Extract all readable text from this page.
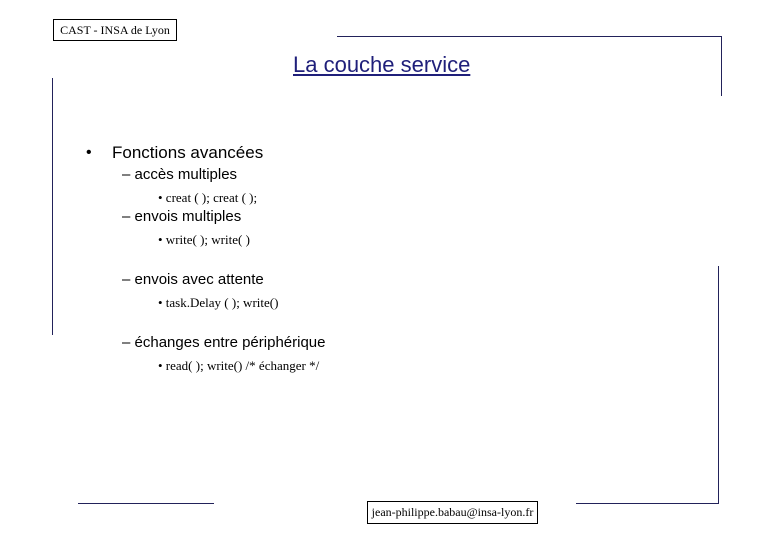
CAST - INSA de Lyon
La couche service
• Fonctions avancées
– accès multiples
• creat ( ); creat ( );
– envois multiples
• write( ); write( )
– envois avec attente
• task.Delay ( ); write()
– échanges entre périphérique
• read( ); write() /* échanger */
jean-philippe.babau@insa-lyon.fr
